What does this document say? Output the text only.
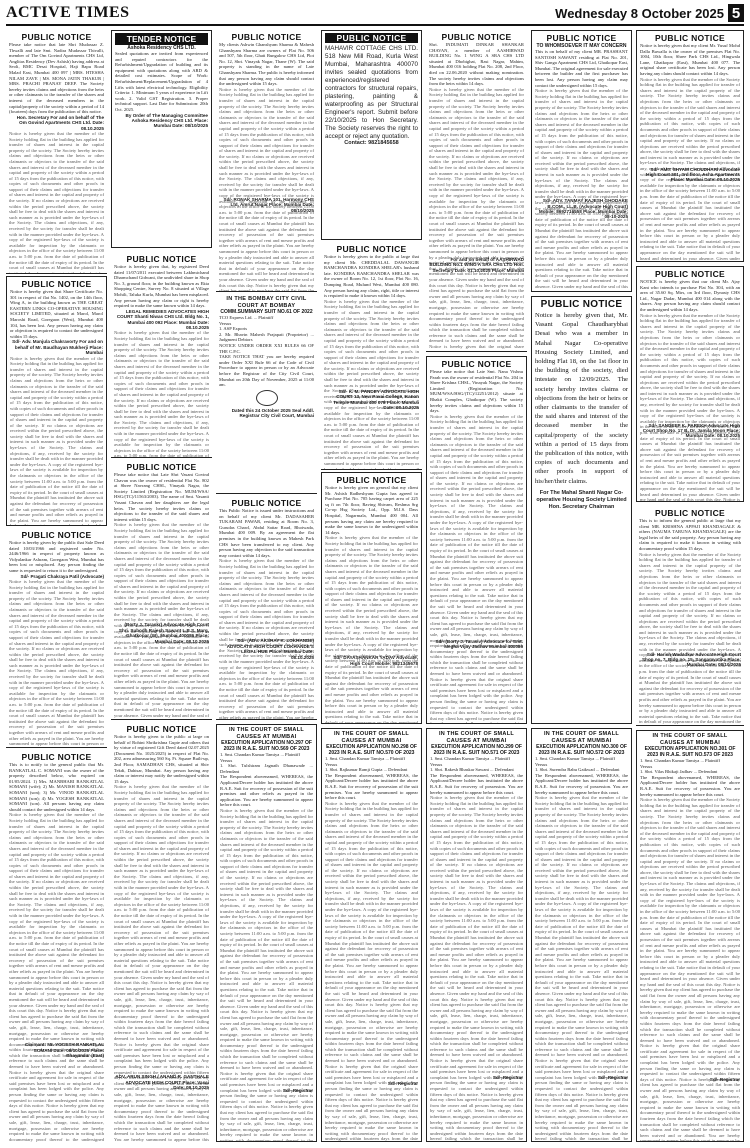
ACTIVE TIMES	Wednesday 8 October 2025 5
PUBLIC NOTICE
Please take notice that late Shri Mudassar Z. Thwalli and late Smt. Nadira Mudassar Thivalli, member of The Om Govind Apartments CHS Ltd, Anglitas Residency (Dev Ashish) having address at Seoli, BMC Desai Hospital, Haji Bapu Road Malad East, Mumbai 400 097 | MRS. HTESHA NILAM ZAVE | MS. MONA JATIN THAKUR | MRS. PRACHI PRANAY DEEP. The Society hereby invites claims and objections from the heirs or other claimants to the transfer of the shares and interest of the deceased members in the capital/property of the society within a period of 14 (fourteen) days from the publication of this notice.
Hon. Secretary For and on behalf of The Om Govind Apartments CHS Ltd. Date: 08.10.2025
Notice is hereby given that the member of the Society holding flat in the building has applied for transfer of shares and interest in the capital property of the society. The Society hereby invites claims and objections from the heirs or other claimants or objectors to the transfer of the said shares and interest of the deceased member in the capital and property of the society within a period of 15 days from the publication of this notice, with copies of such documents and other proofs in support of their claims and objections for transfer of shares and interest in the capital and property of the society. If no claims or objections are received within the period prescribed above, the society shall be free to deal with the shares and interest in such manner as is provided under the bye-laws of the Society. The claims and objections, if any, received by the society for transfer shall be dealt with in the manner provided under the bye-laws. A copy of the registered bye-laws of the society is available for inspection by the claimants or objectors in the office of the society between 11:00 a.m. to 5:00 p.m. from the date of publication of the notice till the date of expiry of its period. In the court of small causes at Mumbai the plaintiff has instituted the above suit against the defendant for recovery of possession of the suit premises together with arrears of rent and mesne profits and other reliefs as prayed in the plaint. You are hereby summoned to appear before this court in person or by a pleader duly instructed and able to answer all material questions relating to the suit. Take notice that in default of your appearance on the day mentioned the suit will be heard and determined in your absence. Given under my hand and the seal of this court this day. Notice is hereby given that my client has agreed to purchase the said flat from the owner and all persons having any claim by way of sale, gift, lease, lien, charge, trust, inheritance, mortgage, possession or otherwise are hereby required to make the same known in writing with documentary proof thereof to the undersigned within fourteen days from the date hereof failing which the transaction shall be completed without reference to such claims and the same shall be deemed to have been waived and or abandoned. Notice is hereby given that the original share certificate and agreement for sale in respect of the said premises have been lost or misplaced and a complaint has been lodged with the police. Any person finding the same or having any claim is requested to contact the undersigned within fifteen days of this notice. Notice is hereby given that my client has agreed to purchase the said flat from the owner and all persons having any claim by way of sale, gift, lease, lien, charge, trust, inheritance, mortgage, possession or otherwise are hereby required to make the same known in writing with documentary proof thereof to the undersigned within fourteen days from the date hereof failing which the transaction shall be completed without reference to such claims and the same shall be deemed to have been waived and or abandoned. You are hereby summoned to appear before this court in person or by a pleader duly instructed and able to answer all material questions relating to the suit. Take notice that in default of your appearance on the day mentioned the suit will be heard and determined in your absence. Given under my hand and the seal of this court this day.
PUBLIC NOTICE
Notice is hereby given that Share Certificate No. 301 in respect of flat No. 1402, on the 14th floor, Wing A, in the building known as THE GREAT EASTERN LINKS CO-OPERATIVE HOUSING SOCIETY LIMITED, situated at Marol, Marol Maroshi Road, Goregaon (West), Mumbai 400 104, has been lost. Any person having any claim or objection is required to contact the undersigned within 15 days.
Sd/- Adv. Manjula Chakravorty For and on behalf of Mr. Baudhayan Mukherji Place: Mumbai
Notice is hereby given that the member of the Society holding flat in the building has applied for transfer of shares and interest in the capital property of the society. The Society hereby invites claims and objections from the heirs or other claimants or objectors to the transfer of the said shares and interest of the deceased member in the capital and property of the society within a period of 15 days from the publication of this notice, with copies of such documents and other proofs in support of their claims and objections for transfer of shares and interest in the capital and property of the society. If no claims or objections are received within the period prescribed above, the society shall be free to deal with the shares and interest in such manner as is provided under the bye-laws of the Society. The claims and objections, if any, received by the society for transfer shall be dealt with in the manner provided under the bye-laws. A copy of the registered bye-laws of the society is available for inspection by the claimants or objectors in the office of the society between 11:00 a.m. to 5:00 p.m. from the date of publication of the notice till the date of expiry of its period. In the court of small causes at Mumbai the plaintiff has instituted the above suit against the defendant for recovery of possession of the suit premises together with arrears of rent and mesne profits and other reliefs as prayed in the plaint. You are hereby summoned to appear before this court in person or by a pleader duly instructed and able to answer all material questions relating to the suit. Take notice that in default of your appearance on the day mentioned the suit will be heard and determined in your absence. Given under my hand and the seal of this court this day. Notice is hereby given that my client has agreed to purchase the said flat from the owner and all persons having any claim by way of sale, gift, lease, lien, charge, trust, inheritance, mortgage, possession or otherwise are hereby required to make the same known in writing with documentary proof thereof to the undersigned within fourteen days from the date hereof failing which the transaction shall be completed without reference to such claims and the same shall be deemed to have been waived and or abandoned. Notice is hereby given that the original share certificate and agreement for sale in respect of the said premises have been lost or misplaced and a complaint has been lodged with the police. Any person finding the same or having any claim is requested to contact the undersigned within fifteen days of this notice. Notice is hereby given that my client has agreed to purchase the said flat from the owner and all persons having any claim by way of sale, gift, lease, lien, charge, trust, inheritance, mortgage, possession or otherwise are hereby required to make the same known in writing with documentary proof thereof to the undersigned within fourteen days from the date hereof failing which the transaction shall be completed without reference to such claims and the same shall be deemed to have been waived and or abandoned. You are hereby summoned to appear before this court in person or by a pleader duly instructed and able to answer all material questions relating to the suit. Take notice that in default of your appearance on the day mentioned the suit will be heard and determined in your absence. Given under my hand and the seal of this court this day.
PUBLIC NOTICE
Notice is hereby given by the public that Sale Deed dated 10/03/1966 and registered under No. 2446/1966 in respect of property known as Vidyalankar Ashram, Goregaon West, Mumbai has been lost or misplaced. Any person finding the same is requested to return it to the undersigned.
Sd/- Pragati Chakraya Patil (Advocate)
Notice is hereby given that the member of the Society holding flat in the building has applied for transfer of shares and interest in the capital property of the society. The Society hereby invites claims and objections from the heirs or other claimants or objectors to the transfer of the said shares and interest of the deceased member in the capital and property of the society within a period of 15 days from the publication of this notice, with copies of such documents and other proofs in support of their claims and objections for transfer of shares and interest in the capital and property of the society. If no claims or objections are received within the period prescribed above, the society shall be free to deal with the shares and interest in such manner as is provided under the bye-laws of the Society. The claims and objections, if any, received by the society for transfer shall be dealt with in the manner provided under the bye-laws. A copy of the registered bye-laws of the society is available for inspection by the claimants or objectors in the office of the society between 11:00 a.m. to 5:00 p.m. from the date of publication of the notice till the date of expiry of its period. In the court of small causes at Mumbai the plaintiff has instituted the above suit against the defendant for recovery of possession of the suit premises together with arrears of rent and mesne profits and other reliefs as prayed in the plaint. You are hereby summoned to appear before this court in person or by a pleader duly instructed and able to answer all material questions relating to the suit. Take notice that in default of your appearance on the day mentioned the suit will be heard and determined in your absence. Given under my hand and the seal of this court this day. Notice is hereby given that my client has agreed to purchase the said flat from the owner and all persons having any claim by way of sale, gift, lease, lien, charge, trust, inheritance, mortgage, possession or otherwise are hereby required to make the same known in writing with documentary proof thereof to the undersigned within fourteen days from the date hereof failing which the transaction shall be completed without reference to such claims and the same shall be deemed to have been waived and or abandoned. Notice is hereby given that the original share certificate and agreement for sale in respect of the said premises have been lost or misplaced and a complaint has been lodged with the police. Any person finding the same or having any claim is requested to contact the undersigned within fifteen days of this notice. Notice is hereby given that my client has agreed to purchase the said flat from the owner and all persons having any claim by way of sale, gift, lease, lien, charge, trust, inheritance, mortgage, possession or otherwise are hereby required to make the same known in writing with documentary proof thereof to the undersigned within fourteen days from the date hereof failing which the transaction shall be completed without reference to such claims and the same shall be deemed to have been waived and or abandoned. You are hereby summoned to appear before this court in person or by a pleader duly instructed and able to answer all material questions relating to the suit. Take notice that in default of your appearance on the day mentioned the suit will be heard and determined in your absence. Given under my hand and the seal of this court this day.
PUBLIC NOTICE
This is to notify to the general public that Mr. BANKATLAL C. SOMANI was the owner of the property described below, who expired on 01/05/2024. 1) Mrs. MANBHARI BANKATLAL SOMANI (wife); 2) Mr. MANISH BANKATLAL SOMANI (son); 3) Mr. VINOD BANKATLAL SOMANI (son); 4) Mr. YOGESH BANKATLAL SOMANI (son). All persons having any claim should contact the undersigned within 14 days.
Notice is hereby given that the member of the Society holding flat in the building has applied for transfer of shares and interest in the capital property of the society. The Society hereby invites claims and objections from the heirs or other claimants or objectors to the transfer of the said shares and interest of the deceased member in the capital and property of the society within a period of 15 days from the publication of this notice, with copies of such documents and other proofs in support of their claims and objections for transfer of shares and interest in the capital and property of the society. If no claims or objections are received within the period prescribed above, the society shall be free to deal with the shares and interest in such manner as is provided under the bye-laws of the Society. The claims and objections, if any, received by the society for transfer shall be dealt with in the manner provided under the bye-laws. A copy of the registered bye-laws of the society is available for inspection by the claimants or objectors in the office of the society between 11:00 a.m. to 5:00 p.m. from the date of publication of the notice till the date of expiry of its period. In the court of small causes at Mumbai the plaintiff has instituted the above suit against the defendant for recovery of possession of the suit premises together with arrears of rent and mesne profits and other reliefs as prayed in the plaint. You are hereby summoned to appear before this court in person or by a pleader duly instructed and able to answer all material questions relating to the suit. Take notice that in default of your appearance on the day mentioned the suit will be heard and determined in your absence. Given under my hand and the seal of this court this day. Notice is hereby given that my client has agreed to purchase the said flat from the owner and all persons having any claim by way of sale, gift, lease, lien, charge, trust, inheritance, mortgage, possession or otherwise are hereby required to make the same known in writing with documentary proof thereof to the undersigned within fourteen days from the date hereof failing which the transaction shall be completed without reference to such claims and the same shall be deemed to have been waived and or abandoned. Notice is hereby given that the original share certificate and agreement for sale in respect of the said premises have been lost or misplaced and a complaint has been lodged with the police. Any person finding the same or having any claim is requested to contact the undersigned within fifteen days of this notice. Notice is hereby given that my client has agreed to purchase the said flat from the owner and all persons having any claim by way of sale, gift, lease, lien, charge, trust, inheritance, mortgage, possession or otherwise are hereby required to make the same known in writing with documentary proof thereof to the undersigned within fourteen days from the date hereof failing which the transaction shall be completed without reference to such claims and the same shall be deemed to have been waived and or abandoned. You are hereby summoned to appear before this court in person or by a pleader duly instructed and able to answer all material questions relating to the suit. Take notice that in default of your appearance on the day mentioned the suit will be heard and determined in your absence. Given under my hand and the seal of this court this day.
Claimant: Mr. YOGESH BANKATLAL SOMANI Date: 08/10/2025 Place: Bhayandar (East)
TENDER NOTICE
Ashoka Residency CHS LTD.
Sealed quotations are invited from experienced and reputed contractors for the Refurbishment/Upgradation of building and its equipment with quotations along with ARD & detailed cost estimates. Scope of Work: Refurbishment/Replacement/Upgradation of 4 Lifts with latest electrical technology. Eligibility Criteria: 1. Minimum 5 years of experience in Lift work. 2. Valid GST Registration. 3. Proper technical support. Last Date for Submission: 20th Oct. 2025.
By Order of The Managing Committee Ashoka Residency CHS Ltd. Place: Mumbai Date: 08/10/2025
PUBLIC NOTICE
Notice is hereby given that, by registered Deed dated 11/07/2011 executed between Lakhmichand Dharmchand Gidwani, the undivided share in Shop No. 3, ground floor, in the building known as Ekta Shopping Centre, Survey No. 8 situated at Village Mohili, Taluka Kurla, Mumbai has been misplaced. Any person having any claim or right is hereby required to make the same known within 14 days.
LEGAL REMEDIES ADVOCATES HIGH COURT Shanti Niwas CHS Ltd. Bldg No. 1, Mumbai 400 092 Place: Mumbai Date: 08.10.2025
Notice is hereby given that the member of the Society holding flat in the building has applied for transfer of shares and interest in the capital property of the society. The Society hereby invites claims and objections from the heirs or other claimants or objectors to the transfer of the said shares and interest of the deceased member in the capital and property of the society within a period of 15 days from the publication of this notice, with copies of such documents and other proofs in support of their claims and objections for transfer of shares and interest in the capital and property of the society. If no claims or objections are received within the period prescribed above, the society shall be free to deal with the shares and interest in such manner as is provided under the bye-laws of the Society. The claims and objections, if any, received by the society for transfer shall be dealt with in the manner provided under the bye-laws. A copy of the registered bye-laws of the society is available for inspection by the claimants or objectors in the office of the society between 11:00 a.m. to 5:00 p.m. from the date of publication of the notice till the date of expiry of its period. In the court of small causes at Mumbai the plaintiff has instituted the above suit against the defendant for recovery of possession of the suit premises together with arrears of rent and mesne profits and other reliefs as prayed in the plaint. You are hereby summoned to appear before this court in person or by a pleader duly instructed and able to answer all material questions relating to the suit. Take notice that in default of your appearance on the day mentioned the suit will be heard and determined in your absence. Given under my hand and the seal of this court this day. Notice is hereby given that my client has agreed to purchase the said flat from the owner and all persons having any claim by way of sale, gift, lease, lien, charge, trust, inheritance, mortgage, possession or otherwise are hereby required to make the same known in writing with documentary proof thereof to the undersigned within fourteen days from the date hereof failing which the transaction shall be completed without reference to such claims and the same shall be deemed to have been waived and or abandoned. Notice is hereby given that the original share certificate and agreement for sale in respect of the said premises have been lost or misplaced and a complaint has been lodged with the police. Any person finding the same or having any claim is requested to contact the undersigned within fifteen days of this notice. Notice is hereby given that my client has agreed to purchase the said flat from the owner and all persons having any claim by way of sale, gift, lease, lien, charge, trust, inheritance, mortgage, possession or otherwise are hereby required to make the same known in writing with documentary proof thereof to the undersigned within fourteen days from the date hereof failing which the transaction shall be completed without reference to such claims and the same shall be deemed to have been waived and or abandoned. You are hereby summoned to appear before this court in person or by a pleader duly instructed and able to answer all material questions relating to the suit. Take notice that in default of your appearance on the day mentioned the suit will be heard and determined in your absence. Given under my hand and the seal of this court this day.
PUBLIC NOTICE
Please take notice that Late Shri Vasant Govind Chavan was the owner of residential Flat No. 802 at Shree Navrang CHSL, Vinayak Nagar, the Society Limited (Registration No. MUM/WSA/ HSG/(TC)/11563/2003). The name of Smt. Vasanti Vasant Chavan and her daughters are the legal heirs. The society hereby invites claims or objections to the transfer of the said shares and interest within 15 days.
Notice is hereby given that the member of the Society holding flat in the building has applied for transfer of shares and interest in the capital property of the society. The Society hereby invites claims and objections from the heirs or other claimants or objectors to the transfer of the said shares and interest of the deceased member in the capital and property of the society within a period of 15 days from the publication of this notice, with copies of such documents and other proofs in support of their claims and objections for transfer of shares and interest in the capital and property of the society. If no claims or objections are received within the period prescribed above, the society shall be free to deal with the shares and interest in such manner as is provided under the bye-laws of the Society. The claims and objections, if any, received by the society for transfer shall be dealt with in the manner provided under the bye-laws. A copy of the registered bye-laws of the society is available for inspection by the claimants or objectors in the office of the society between 11:00 a.m. to 5:00 p.m. from the date of publication of the notice till the date of expiry of its period. In the court of small causes at Mumbai the plaintiff has instituted the above suit against the defendant for recovery of possession of the suit premises together with arrears of rent and mesne profits and other reliefs as prayed in the plaint. You are hereby summoned to appear before this court in person or by a pleader duly instructed and able to answer all material questions relating to the suit. Take notice that in default of your appearance on the day mentioned the suit will be heard and determined in your absence. Given under my hand and the seal of this court this day. Notice is hereby given that my client has agreed to purchase the said flat from the owner and all persons having any claim by way of sale, gift, lease, lien, charge, trust, inheritance, mortgage, possession or otherwise are hereby required to make the same known in writing with documentary proof thereof to the undersigned within fourteen days from the date hereof failing which the transaction shall be completed without reference to such claims and the same shall be deemed to have been waived and or abandoned. Notice is hereby given that the original share certificate and agreement for sale in respect of the said premises have been lost or misplaced and a complaint has been lodged with the police. Any person finding the same or having any claim is requested to contact the undersigned within fifteen days of this notice. Notice is hereby given that my client has agreed to purchase the said flat from the owner and all persons having any claim by way of sale, gift, lease, lien, charge, trust, inheritance, mortgage, possession or otherwise are hereby required to make the same known in writing with documentary proof thereof to the undersigned within fourteen days from the date hereof failing which the transaction shall be completed without reference to such claims and the same shall be deemed to have been waived and or abandoned. You are hereby summoned to appear before this court in person or by a pleader duly instructed and able to answer all material questions relating to the suit. Take notice that in default of your appearance on the day mentioned the suit will be heard and determined in your absence. Given under my hand and the seal of this court this day.
(Borty J. Taraskr) Advocate High Court Shri. Subodh Rajesh Sawant L.B.S. Marg, Ghatkopar (W), Mumbai 400086 Place: Mumbai Date: 08.10.2025
PUBLIC NOTICE
Notice is hereby given to the public at large on behalf of Rohini Shrikrishna Gupte and others that by virtue of registered Gift Deed dated 02.07.2025 (Document No. 1025/2025) in respect of Flat No. 202, area admeasuring 560 Sq. Ft. Square Built-up, 2nd Floor, SAMADHAN CHS, situated at Shiv Tekdi, Dahisar, Mumbai. Any person having any claim or interest may notify the undersigned within 15 days.
Notice is hereby given that the member of the Society holding flat in the building has applied for transfer of shares and interest in the capital property of the society. The Society hereby invites claims and objections from the heirs or other claimants or objectors to the transfer of the said shares and interest of the deceased member in the capital and property of the society within a period of 15 days from the publication of this notice, with copies of such documents and other proofs in support of their claims and objections for transfer of shares and interest in the capital and property of the society. If no claims or objections are received within the period prescribed above, the society shall be free to deal with the shares and interest in such manner as is provided under the bye-laws of the Society. The claims and objections, if any, received by the society for transfer shall be dealt with in the manner provided under the bye-laws. A copy of the registered bye-laws of the society is available for inspection by the claimants or objectors in the office of the society between 11:00 a.m. to 5:00 p.m. from the date of publication of the notice till the date of expiry of its period. In the court of small causes at Mumbai the plaintiff has instituted the above suit against the defendant for recovery of possession of the suit premises together with arrears of rent and mesne profits and other reliefs as prayed in the plaint. You are hereby summoned to appear before this court in person or by a pleader duly instructed and able to answer all material questions relating to the suit. Take notice that in default of your appearance on the day mentioned the suit will be heard and determined in your absence. Given under my hand and the seal of this court this day. Notice is hereby given that my client has agreed to purchase the said flat from the owner and all persons having any claim by way of sale, gift, lease, lien, charge, trust, inheritance, mortgage, possession or otherwise are hereby required to make the same known in writing with documentary proof thereof to the undersigned within fourteen days from the date hereof failing which the transaction shall be completed without reference to such claims and the same shall be deemed to have been waived and or abandoned. Notice is hereby given that the original share certificate and agreement for sale in respect of the said premises have been lost or misplaced and a complaint has been lodged with the police. Any person finding the same or having any claim is requested to contact the undersigned within fifteen days of this notice. Notice is hereby given that my client has agreed to purchase the said flat from the owner and all persons having any claim by way of sale, gift, lease, lien, charge, trust, inheritance, mortgage, possession or otherwise are hereby required to make the same known in writing with documentary proof thereof to the undersigned within fourteen days from the date hereof failing which the transaction shall be completed without reference to such claims and the same shall be deemed to have been waived and or abandoned. You are hereby summoned to appear before this court in person or by a pleader duly instructed and able to answer all material questions relating to the suit. Take notice that in default of your appearance on the day mentioned the suit will be heard and determined in your absence. Given under my hand and the seal of this court this day.
ADV. ARUN SINGH / ANAND R. GANTHALE ADVOCATE HIGH COURT Place: Vasai Date: 08.10.2025
PUBLIC NOTICE
My clients Ashwin Ghanshyam Sharma & Mahesh Ghanshyam Sharma are owners of Flat No. 506 and 507, 5th floor, Ghati Bungalow CHS Ltd, Plot No. 12, Shri. Vinayak Nagar, Thane (W). The said property is standing in the name of Late Ghanshyam Sharma. The public is hereby informed that any person having any claim should contact the undersigned within 15 days.
Notice is hereby given that the member of the Society holding flat in the building has applied for transfer of shares and interest in the capital property of the society. The Society hereby invites claims and objections from the heirs or other claimants or objectors to the transfer of the said shares and interest of the deceased member in the capital and property of the society within a period of 15 days from the publication of this notice, with copies of such documents and other proofs in support of their claims and objections for transfer of shares and interest in the capital and property of the society. If no claims or objections are received within the period prescribed above, the society shall be free to deal with the shares and interest in such manner as is provided under the bye-laws of the Society. The claims and objections, if any, received by the society for transfer shall be dealt with in the manner provided under the bye-laws. A copy of the registered bye-laws of the society is available for inspection by the claimants or objectors in the office of the society between 11:00 a.m. to 5:00 p.m. from the date of publication of the notice till the date of expiry of its period. In the court of small causes at Mumbai the plaintiff has instituted the above suit against the defendant for recovery of possession of the suit premises together with arrears of rent and mesne profits and other reliefs as prayed in the plaint. You are hereby summoned to appear before this court in person or by a pleader duly instructed and able to answer all material questions relating to the suit. Take notice that in default of your appearance on the day mentioned the suit will be heard and determined in your absence. Given under my hand and the seal of this court this day. Notice is hereby given that my client has agreed to purchase the said flat from the owner and all persons having any claim by way of sale, gift, lease, lien, charge, trust, inheritance, mortgage, possession or otherwise are hereby required to make the same known in writing with documentary proof thereof to the undersigned within fourteen days from the date hereof failing which the transaction shall be completed without reference to such claims and the same shall be deemed to have been waived and or abandoned. Notice is hereby given that the original share certificate and agreement for sale in respect of the said premises have been lost or misplaced and a complaint has been lodged with the police. Any person finding the same or having any claim is requested to contact the undersigned within fifteen days of this notice. Notice is hereby given that my client has agreed to purchase the said flat from the owner and all persons having any claim by way of sale, gift, lease, lien, charge, trust, inheritance, mortgage, possession or otherwise are hereby required to make the same known in writing with documentary proof thereof to the undersigned within fourteen days from the date hereof failing which the transaction shall be completed without reference to such claims and the same shall be deemed to have been waived and or abandoned. You are hereby summoned to appear before this court in person or by a pleader duly instructed and able to answer all material questions relating to the suit. Take notice that in default of your appearance on the day mentioned the suit will be heard and determined in your absence. Given under my hand and the seal of this court this day.
Sd/- RONAK SHARMA 101, Harmony CHS Ltd, Amrut Nagar Place: Mumbai Date: 08/10/2025
IN THE BOMBAY CITY CIVIL COURT AT BOMBAY
COMM.SUMMARY SUIT NO.61 OF 2022
TCO Express Ltd. ... Plaintiff
Versus
1. ASP Exports
2. Mr. Bhavin Mahesh Prajapati (Proprietor) ... Judgment Debtors
NOTICE UNDER ORDER XXI RULES 66 OF THE C.P.C.
TAKE NOTICE THAT you are hereby required under Order XXI Rule 66 of the Code of Civil Procedure to appear in person or by an Advocate before the Registrar of the City Civil Court, Mumbai on 20th Day of November, 2025 at 11:00 am.
Dated this 24 October 2025 Seal Addl. Registrar City Civil Court, Mumbai
PUBLIC NOTICE
This Public Notice is issued under instructions and on behalf of my client Mr. DADASAHEB TUKARAM PAWAR, residing at Room No. 3, Gurudas Chawl, Abdul Sattar Road, Bhoiwada, Mumbai 400 009. By an agreement the flat premises in the building known as Mahesh Park CHS have been transferred to my client. Any person having any objection to the said transaction may contact within 14 days.
Notice is hereby given that the member of the Society holding flat in the building has applied for transfer of shares and interest in the capital property of the society. The Society hereby invites claims and objections from the heirs or other claimants or objectors to the transfer of the said shares and interest of the deceased member in the capital and property of the society within a period of 15 days from the publication of this notice, with copies of such documents and other proofs in support of their claims and objections for transfer of shares and interest in the capital and property of the society. If no claims or objections are received within the period prescribed above, the society shall be free to deal with the shares and interest in such manner as is provided under the bye-laws of the Society. The claims and objections, if any, received by the society for transfer shall be dealt with in the manner provided under the bye-laws. A copy of the registered bye-laws of the society is available for inspection by the claimants or objectors in the office of the society between 11:00 a.m. to 5:00 p.m. from the date of publication of the notice till the date of expiry of its period. In the court of small causes at Mumbai the plaintiff has instituted the above suit against the defendant for recovery of possession of the suit premises together with arrears of rent and mesne profits and other reliefs as prayed in the plaint. You are hereby summoned to appear before this court in person or by a pleader duly instructed and able to answer all material questions relating to the suit. Take notice that in default of your appearance on the day mentioned the suit will be heard and determined in your absence. Given under my hand and the seal of this court this day. Notice is hereby given that my client has agreed to purchase the said flat from the owner and all persons having any claim by way of sale, gift, lease, lien, charge, trust, inheritance, mortgage, possession or otherwise are hereby required to make the same known in writing with documentary proof thereof to the undersigned within fourteen days from the date hereof failing which the transaction shall be completed without reference to such claims and the same shall be deemed to have been waived and or abandoned. Notice is hereby given that the original share certificate and agreement for sale in respect of the said premises have been lost or misplaced and a complaint has been lodged with the police. Any person finding the same or having any claim is requested to contact the undersigned within fifteen days of this notice. Notice is hereby given that my client has agreed to purchase the said flat from the owner and all persons having any claim by way of sale, gift, lease, lien, charge, trust, inheritance, mortgage, possession or otherwise are hereby required to make the same known in writing with documentary proof thereof to the undersigned within fourteen days from the date hereof failing which the transaction shall be completed without reference to such claims and the same shall be deemed to have been waived and or abandoned. You are hereby summoned to appear before this court in person or by a pleader duly instructed and able to answer all material questions relating to the suit. Take notice that in default of your appearance on the day mentioned the suit will be heard and determined in your absence. Given under my hand and the seal of this court this day.
Sd/- (ADV. AKSHAY K. LOKHANDE) ADVOCATE HIGH COURT LOKHANDE'S LEGAL HUB Place: Mumbai Date: 08.10.2025
IN THE COURT OF SMALL CAUSES AT MUMBAI
EXECUTION APPLICATION NO.297 OF 2023 IN R.A.E. SUIT NO.569 OF 2023
1. Smt. Chandan Kumar Tamiya ... Plaintiff
Versus
1. Shri. Tulshiram Jagnath Dhanawade ... Defendant
The Respondent abovenamed, WHEREAS, the Applicant/Decree holder has instituted the above R.A.E. Suit for recovery of possession of the suit premises and other reliefs as prayed in the application. You are hereby summoned to appear before this court.
Notice is hereby given that the member of the Society holding flat in the building has applied for transfer of shares and interest in the capital property of the society. The Society hereby invites claims and objections from the heirs or other claimants or objectors to the transfer of the said shares and interest of the deceased member in the capital and property of the society within a period of 15 days from the publication of this notice, with copies of such documents and other proofs in support of their claims and objections for transfer of shares and interest in the capital and property of the society. If no claims or objections are received within the period prescribed above, the society shall be free to deal with the shares and interest in such manner as is provided under the bye-laws of the Society. The claims and objections, if any, received by the society for transfer shall be dealt with in the manner provided under the bye-laws. A copy of the registered bye-laws of the society is available for inspection by the claimants or objectors in the office of the society between 11:00 a.m. to 5:00 p.m. from the date of publication of the notice till the date of expiry of its period. In the court of small causes at Mumbai the plaintiff has instituted the above suit against the defendant for recovery of possession of the suit premises together with arrears of rent and mesne profits and other reliefs as prayed in the plaint. You are hereby summoned to appear before this court in person or by a pleader duly instructed and able to answer all material questions relating to the suit. Take notice that in default of your appearance on the day mentioned the suit will be heard and determined in your absence. Given under my hand and the seal of this court this day. Notice is hereby given that my client has agreed to purchase the said flat from the owner and all persons having any claim by way of sale, gift, lease, lien, charge, trust, inheritance, mortgage, possession or otherwise are hereby required to make the same known in writing with documentary proof thereof to the undersigned within fourteen days from the date hereof failing which the transaction shall be completed without reference to such claims and the same shall be deemed to have been waived and or abandoned. Notice is hereby given that the original share certificate and agreement for sale in respect of the said premises have been lost or misplaced and a complaint has been lodged with the police. Any person finding the same or having any claim is requested to contact the undersigned within fifteen days of this notice. Notice is hereby given that my client has agreed to purchase the said flat from the owner and all persons having any claim by way of sale, gift, lease, lien, charge, trust, inheritance, mortgage, possession or otherwise are hereby required to make the same known in writing with documentary proof thereof to the undersigned within fourteen days from the date hereof failing which the transaction shall be completed without reference to such claims and the same shall be deemed to have been waived and or abandoned. You are hereby summoned to appear before this court in person or by a pleader duly instructed and able to answer all material questions relating to the suit. Take notice that in default of your appearance on the day mentioned the suit will be heard and determined in your absence. Given under my hand and the seal of this court this day.
Sd/- Registrar
PUBLIC NOTICE
MAHAVIR COTTAGE CHS LTD. 518 New Mill Road, Kurla West Mumbai, Maharashtra 400070 invites sealed quotations from experienced/registered contractors for structural repairs, plastering, painting & waterproofing as per Structural Engineer's report. Submit before 22/10/2025 to Hon Secretary. The Society reserves the right to accept or reject any quotation.
Contact: 9821845658
PUBLIC NOTICE
Notice is hereby given to the public at large that my client Mr. CHEDDALAL DAWANGIR RAMCHANDRA KONDIBA SHELAR's husband late. KONDIBA RAMCHANDRA SHELAR was the owner of Room No. 12, 1st floor, Plot No. 16, Dumping Road, Mulund West, Mumbai 400 080. Any person having any claim, right, title or interest is required to make it known within 14 days.
Notice is hereby given that the member of the Society holding flat in the building has applied for transfer of shares and interest in the capital property of the society. The Society hereby invites claims and objections from the heirs or other claimants or objectors to the transfer of the said shares and interest of the deceased member in the capital and property of the society within a period of 15 days from the publication of this notice, with copies of such documents and other proofs in support of their claims and objections for transfer of shares and interest in the capital and property of the society. If no claims or objections are received within the period prescribed above, the society shall be free to deal with the shares and interest in such manner as is provided under the bye-laws of the Society. The claims and objections, if any, received by the society for transfer shall be dealt with in the manner provided under the bye-laws. A copy of the registered bye-laws of the society is available for inspection by the claimants or objectors in the office of the society between 11:00 a.m. to 5:00 p.m. from the date of publication of the notice till the date of expiry of its period. In the court of small causes at Mumbai the plaintiff has instituted the above suit against the defendant for recovery of possession of the suit premises together with arrears of rent and mesne profits and other reliefs as prayed in the plaint. You are hereby summoned to appear before this court in person or by a pleader duly instructed and able to answer all material questions relating to the suit. Take notice that in default of your appearance on the day mentioned the suit will be heard and determined in your absence. Given under my hand and the seal of this court this day. Notice is hereby given that my client has agreed to purchase the said flat from the owner and all persons having any claim by way of sale, gift, lease, lien, charge, trust, inheritance, mortgage, possession or otherwise are hereby required to make the same known in writing with documentary proof thereof to the undersigned within fourteen days from the date hereof failing which the transaction shall be completed without reference to such claims and the same shall be deemed to have been waived and or abandoned. Notice is hereby given that the original share certificate and agreement for sale in respect of the said premises have been lost or misplaced and a complaint has been lodged with the police. Any person finding the same or having any claim is requested to contact the undersigned within fifteen days of this notice. Notice is hereby given that my client has agreed to purchase the said flat from the owner and all persons having any claim by way of sale, gift, lease, lien, charge, trust, inheritance, mortgage, possession or otherwise are hereby required to make the same known in writing with documentary proof thereof to the undersigned within fourteen days from the date hereof failing which the transaction shall be completed without reference to such claims and the same shall be deemed to have been waived and or abandoned. You are hereby summoned to appear before this court in person or by a pleader duly instructed and able to answer all material questions relating to the suit. Take notice that in default of your appearance on the day mentioned the suit will be heard and determined in your absence. Given under my hand and the seal of this court this day.
Sd/- K. M. PANDEY ADVOCATE HIGH COURT 13, New Pavai College, Kanon Temple Mumbai 400 078 Place: Mumbai Date: 08.10.2025
PUBLIC NOTICE
Notice is hereby given on general that my client Mr. Ashish Radheshyam Gupta has agreed to Purchase Flat No. 705 having carpet area of 225 sq ft on 7th floor, Raving Shivam, Reshma Srg Co-op Hsg Society Ltd., Opp. M.I.S. Dass Hospital, Nagarmala, Mumbai 400 004. All persons having any claim are hereby required to make the same known to the undersigned within 14 days.
Notice is hereby given that the member of the Society holding flat in the building has applied for transfer of shares and interest in the capital property of the society. The Society hereby invites claims and objections from the heirs or other claimants or objectors to the transfer of the said shares and interest of the deceased member in the capital and property of the society within a period of 15 days from the publication of this notice, with copies of such documents and other proofs in support of their claims and objections for transfer of shares and interest in the capital and property of the society. If no claims or objections are received within the period prescribed above, the society shall be free to deal with the shares and interest in such manner as is provided under the bye-laws of the Society. The claims and objections, if any, received by the society for transfer shall be dealt with in the manner provided under the bye-laws. A copy of the registered bye-laws of the society is available for inspection by the claimants or objectors in the office of the society between 11:00 a.m. to 5:00 p.m. from the date of publication of the notice till the date of expiry of its period. In the court of small causes at Mumbai the plaintiff has instituted the above suit against the defendant for recovery of possession of the suit premises together with arrears of rent and mesne profits and other reliefs as prayed in the plaint. You are hereby summoned to appear before this court in person or by a pleader duly instructed and able to answer all material questions relating to the suit. Take notice that in default of your appearance on the day mentioned the suit will be heard and determined in your absence. Given under my hand and the seal of this court this day. Notice is hereby given that my client has agreed to purchase the said flat from the owner and all persons having any claim by way of sale, gift, lease, lien, charge, trust, inheritance, mortgage, possession or otherwise are hereby required to make the same known in writing with documentary proof thereof to the undersigned within fourteen days from the date hereof failing which the transaction shall be completed without reference to such claims and the same shall be deemed to have been waived and or abandoned. Notice is hereby given that the original share certificate and agreement for sale in respect of the said premises have been lost or misplaced and a complaint has been lodged with the police. Any person finding the same or having any claim is requested to contact the undersigned within fifteen days of this notice. Notice is hereby given that my client has agreed to purchase the said flat from the owner and all persons having any claim by way of sale, gift, lease, lien, charge, trust, inheritance, mortgage, possession or otherwise are hereby required to make the same known in writing with documentary proof thereof to the undersigned within fourteen days from the date hereof failing which the transaction shall be completed without reference to such claims and the same shall be deemed to have been waived and or abandoned. You are hereby summoned to appear before this court in person or by a pleader duly instructed and able to answer all material questions relating to the suit. Take notice that in default of your appearance on the day mentioned the suit will be heard and determined in your absence. Given under my hand and the seal of this court this day.
Sd/- DAYASHANKAR YADAV Advocate, High Court Mobile: 9821345678
IN THE COURT OF SMALL CAUSES AT MUMBAI
EXECUTION APPLICATION NO.298 OF 2023 IN R.A.E. SUIT NO.570 OF 2023
1. Smt. Chandan Kumar Tamiya ... Plaintiff
Versus
1. Shri. Rajkumar Ramji Gupta ... Defendant
The Respondent abovenamed, WHEREAS, the Applicant/Decree holder has instituted the above R.A.E. Suit for recovery of possession of the suit premises. You are hereby summoned to appear before this court.
Notice is hereby given that the member of the Society holding flat in the building has applied for transfer of shares and interest in the capital property of the society. The Society hereby invites claims and objections from the heirs or other claimants or objectors to the transfer of the said shares and interest of the deceased member in the capital and property of the society within a period of 15 days from the publication of this notice, with copies of such documents and other proofs in support of their claims and objections for transfer of shares and interest in the capital and property of the society. If no claims or objections are received within the period prescribed above, the society shall be free to deal with the shares and interest in such manner as is provided under the bye-laws of the Society. The claims and objections, if any, received by the society for transfer shall be dealt with in the manner provided under the bye-laws. A copy of the registered bye-laws of the society is available for inspection by the claimants or objectors in the office of the society between 11:00 a.m. to 5:00 p.m. from the date of publication of the notice till the date of expiry of its period. In the court of small causes at Mumbai the plaintiff has instituted the above suit against the defendant for recovery of possession of the suit premises together with arrears of rent and mesne profits and other reliefs as prayed in the plaint. You are hereby summoned to appear before this court in person or by a pleader duly instructed and able to answer all material questions relating to the suit. Take notice that in default of your appearance on the day mentioned the suit will be heard and determined in your absence. Given under my hand and the seal of this court this day. Notice is hereby given that my client has agreed to purchase the said flat from the owner and all persons having any claim by way of sale, gift, lease, lien, charge, trust, inheritance, mortgage, possession or otherwise are hereby required to make the same known in writing with documentary proof thereof to the undersigned within fourteen days from the date hereof failing which the transaction shall be completed without reference to such claims and the same shall be deemed to have been waived and or abandoned. Notice is hereby given that the original share certificate and agreement for sale in respect of the said premises have been lost or misplaced and a complaint has been lodged with the police. Any person finding the same or having any claim is requested to contact the undersigned within fifteen days of this notice. Notice is hereby given that my client has agreed to purchase the said flat from the owner and all persons having any claim by way of sale, gift, lease, lien, charge, trust, inheritance, mortgage, possession or otherwise are hereby required to make the same known in writing with documentary proof thereof to the undersigned within fourteen days from the date hereof failing which the transaction shall be completed without reference to such claims and the same shall be deemed to have been waived and or abandoned. You are hereby summoned to appear before this court in person or by a pleader duly instructed and able to answer all material questions relating to the suit. Take notice that in default of your appearance on the day mentioned the suit will be heard and determined in your absence. Given under my hand and the seal of this court this day.
Sd/- Registrar
PUBLIC NOTICE
Shri. INDUMATI DINKAR SHANKAR CHAVAN, a member of AASHIRWAD BUILDING No. 1 WING A SRA CHS LTD situated at Dhobighat, Rasi Nagar, Mahim, Mumbai 400 016 holding Flat No. 208, 2nd Floor, died on 22.06.2020 without making nomination. The society hereby invites claims and objections from the heirs within 14 days.
Notice is hereby given that the member of the Society holding flat in the building has applied for transfer of shares and interest in the capital property of the society. The Society hereby invites claims and objections from the heirs or other claimants or objectors to the transfer of the said shares and interest of the deceased member in the capital and property of the society within a period of 15 days from the publication of this notice, with copies of such documents and other proofs in support of their claims and objections for transfer of shares and interest in the capital and property of the society. If no claims or objections are received within the period prescribed above, the society shall be free to deal with the shares and interest in such manner as is provided under the bye-laws of the Society. The claims and objections, if any, received by the society for transfer shall be dealt with in the manner provided under the bye-laws. A copy of the registered bye-laws of the society is available for inspection by the claimants or objectors in the office of the society between 11:00 a.m. to 5:00 p.m. from the date of publication of the notice till the date of expiry of its period. In the court of small causes at Mumbai the plaintiff has instituted the above suit against the defendant for recovery of possession of the suit premises together with arrears of rent and mesne profits and other reliefs as prayed in the plaint. You are hereby summoned to appear before this court in person or by a pleader duly instructed and able to answer all material questions relating to the suit. Take notice that in default of your appearance on the day mentioned the suit will be heard and determined in your absence. Given under my hand and the seal of this court this day. Notice is hereby given that my client has agreed to purchase the said flat from the owner and all persons having any claim by way of sale, gift, lease, lien, charge, trust, inheritance, mortgage, possession or otherwise are hereby required to make the same known in writing with documentary proof thereof to the undersigned within fourteen days from the date hereof failing which the transaction shall be completed without reference to such claims and the same shall be deemed to have been waived and or abandoned. Notice is hereby given that the original share certificate and agreement for sale in respect of the said premises have been lost or misplaced and a complaint has been lodged with the police. Any person finding the same or having any claim is requested to contact the undersigned within fifteen days of this notice. Notice is hereby given that my client has agreed to purchase the said flat from the owner and all persons having any claim by way of sale, gift, lease, lien, charge, trust, inheritance, mortgage, possession or otherwise are hereby required to make the same known in writing with documentary proof thereof to the undersigned within fourteen days from the date hereof failing which the transaction shall be completed without reference to such claims and the same shall be deemed to have been waived and or abandoned. You are hereby summoned to appear before this court in person or by a pleader duly instructed and able to answer all material questions relating to the suit. Take notice that in default of your appearance on the day mentioned the suit will be heard and determined in your absence. Given under my hand and the seal of this court this day.
For and on behalf of AASHIRWAD BUILDING No.1 WING A SRA CHS LTD Hon. Secretary Date: 01.10.2025 Place: Mumbai
PUBLIC NOTICE
Please take notice that Late Smt. Nana Vishnu Parab was the owner of residential Flat No. 204 in Shree Krishna CHSL, Vinayak Nagar, the Society Limited (Registration No. MUM/WSA/HSG/(TC)/12251/2012) situate at Bhakti Complex, Ghatkopar (W). The society hereby invites claims and objections within 15 days.
Notice is hereby given that the member of the Society holding flat in the building has applied for transfer of shares and interest in the capital property of the society. The Society hereby invites claims and objections from the heirs or other claimants or objectors to the transfer of the said shares and interest of the deceased member in the capital and property of the society within a period of 15 days from the publication of this notice, with copies of such documents and other proofs in support of their claims and objections for transfer of shares and interest in the capital and property of the society. If no claims or objections are received within the period prescribed above, the society shall be free to deal with the shares and interest in such manner as is provided under the bye-laws of the Society. The claims and objections, if any, received by the society for transfer shall be dealt with in the manner provided under the bye-laws. A copy of the registered bye-laws of the society is available for inspection by the claimants or objectors in the office of the society between 11:00 a.m. to 5:00 p.m. from the date of publication of the notice till the date of expiry of its period. In the court of small causes at Mumbai the plaintiff has instituted the above suit against the defendant for recovery of possession of the suit premises together with arrears of rent and mesne profits and other reliefs as prayed in the plaint. You are hereby summoned to appear before this court in person or by a pleader duly instructed and able to answer all material questions relating to the suit. Take notice that in default of your appearance on the day mentioned the suit will be heard and determined in your absence. Given under my hand and the seal of this court this day. Notice is hereby given that my client has agreed to purchase the said flat from the owner and all persons having any claim by way of sale, gift, lease, lien, charge, trust, inheritance, mortgage, possession or otherwise are hereby required to make the same known in writing with documentary proof thereof to the undersigned within fourteen days from the date hereof failing which the transaction shall be completed without reference to such claims and the same shall be deemed to have been waived and or abandoned. Notice is hereby given that the original share certificate and agreement for sale in respect of the said premises have been lost or misplaced and a complaint has been lodged with the police. Any person finding the same or having any claim is requested to contact the undersigned within fifteen days of this notice. Notice is hereby given that my client has agreed to purchase the said flat from the owner and all persons having any claim by way of sale, gift, lease, lien, charge, trust, inheritance, mortgage, possession or otherwise are hereby required to make the same known in writing with documentary proof thereof to the undersigned within fourteen days from the date hereof failing which the transaction shall be completed without reference to such claims and the same shall be deemed to have been waived and or abandoned. You are hereby summoned to appear before this court in person or by a pleader duly instructed and able to answer all material questions relating to the suit. Take notice that in default of your appearance on the day mentioned the suit will be heard and determined in your absence. Given under my hand and the seal of this court this day.
Sd/- (Borty J. Tarasiv) Advocate for Smt. Megha Vijay Jadhav Mumbai 400086
IN THE COURT OF SMALL CAUSES AT MUMBAI
EXECUTION APPLICATION NO.299 OF 2023 IN R.A.E. SUIT NO.571 OF 2023
1. Smt. Chandan Kumar Tamiya ... Plaintiff
Versus
1. Shri. Rakesh Bhaskar Sawant ... Defendant
The Respondent abovenamed, WHEREAS, the Applicant/Decree holder has instituted the above R.A.E. Suit for recovery of possession. You are hereby summoned to appear before this court.
Notice is hereby given that the member of the Society holding flat in the building has applied for transfer of shares and interest in the capital property of the society. The Society hereby invites claims and objections from the heirs or other claimants or objectors to the transfer of the said shares and interest of the deceased member in the capital and property of the society within a period of 15 days from the publication of this notice, with copies of such documents and other proofs in support of their claims and objections for transfer of shares and interest in the capital and property of the society. If no claims or objections are received within the period prescribed above, the society shall be free to deal with the shares and interest in such manner as is provided under the bye-laws of the Society. The claims and objections, if any, received by the society for transfer shall be dealt with in the manner provided under the bye-laws. A copy of the registered bye-laws of the society is available for inspection by the claimants or objectors in the office of the society between 11:00 a.m. to 5:00 p.m. from the date of publication of the notice till the date of expiry of its period. In the court of small causes at Mumbai the plaintiff has instituted the above suit against the defendant for recovery of possession of the suit premises together with arrears of rent and mesne profits and other reliefs as prayed in the plaint. You are hereby summoned to appear before this court in person or by a pleader duly instructed and able to answer all material questions relating to the suit. Take notice that in default of your appearance on the day mentioned the suit will be heard and determined in your absence. Given under my hand and the seal of this court this day. Notice is hereby given that my client has agreed to purchase the said flat from the owner and all persons having any claim by way of sale, gift, lease, lien, charge, trust, inheritance, mortgage, possession or otherwise are hereby required to make the same known in writing with documentary proof thereof to the undersigned within fourteen days from the date hereof failing which the transaction shall be completed without reference to such claims and the same shall be deemed to have been waived and or abandoned. Notice is hereby given that the original share certificate and agreement for sale in respect of the said premises have been lost or misplaced and a complaint has been lodged with the police. Any person finding the same or having any claim is requested to contact the undersigned within fifteen days of this notice. Notice is hereby given that my client has agreed to purchase the said flat from the owner and all persons having any claim by way of sale, gift, lease, lien, charge, trust, inheritance, mortgage, possession or otherwise are hereby required to make the same known in writing with documentary proof thereof to the undersigned within fourteen days from the date hereof failing which the transaction shall be completed without reference to such claims and the same shall be deemed to have been waived and or abandoned. You are hereby summoned to appear before this court in person or by a pleader duly instructed and able to answer all material questions relating to the suit. Take notice that in default of your appearance on the day mentioned the suit will be heard and determined in your absence. Given under my hand and the seal of this court this day.
Sd/- Registrar
PUBLIC NOTICE
TO WHOMSOEVER IT MAY CONCERN
This is on behalf of my client MR. PRASHANT SANTOSH SAWANT residing at Flat No. 201, Shiv Ganga Apartment CHS Ltd, Ghatkopar East, Mumbai. The original agreement for sale executed between the builder and the first purchaser has been lost. Any person having any claim may contact the undersigned within 15 days.
Notice is hereby given that the member of the Society holding flat in the building has applied for transfer of shares and interest in the capital property of the society. The Society hereby invites claims and objections from the heirs or other claimants or objectors to the transfer of the said shares and interest of the deceased member in the capital and property of the society within a period of 15 days from the publication of this notice, with copies of such documents and other proofs in support of their claims and objections for transfer of shares and interest in the capital and property of the society. If no claims or objections are received within the period prescribed above, the society shall be free to deal with the shares and interest in such manner as is provided under the bye-laws of the Society. The claims and objections, if any, received by the society for transfer shall be dealt with in the manner provided under the bye-laws. A copy of the registered bye-laws of the society is available for inspection by the claimants or objectors in the office of the society between 11:00 a.m. to 5:00 p.m. from the date of publication of the notice till the date of expiry of its period. In the court of small causes at Mumbai the plaintiff has instituted the above suit against the defendant for recovery of possession of the suit premises together with arrears of rent and mesne profits and other reliefs as prayed in the plaint. You are hereby summoned to appear before this court in person or by a pleader duly instructed and able to answer all material questions relating to the suit. Take notice that in default of your appearance on the day mentioned the suit will be heard and determined in your absence. Given under my hand and the seal of this court this day. Notice is hereby given that my client has agreed to purchase the said flat from the owner and all persons having any claim by way of sale, gift, lease, lien, charge, trust, inheritance, mortgage, possession or otherwise are hereby required to make the same known in writing with documentary proof thereof to the undersigned within fourteen days from the date hereof failing which the transaction shall be completed without reference to such claims and the same shall be deemed to have been waived and or abandoned. Notice is hereby given that the original share certificate and agreement for sale in respect of the said premises have been lost or misplaced and a complaint has been lodged with the police. Any person finding the same or having any claim is requested to contact the undersigned within fifteen days of this notice. Notice is hereby given that my client has agreed to purchase the said flat from the owner and all persons having any claim by way of sale, gift, lease, lien, charge, trust, inheritance, mortgage, possession or otherwise are hereby required to make the same known in writing with documentary proof thereof to the undersigned within fourteen days from the date hereof failing which the transaction shall be completed without reference to such claims and the same shall be deemed to have been waived and or abandoned. You are hereby summoned to appear before this court in person or by a pleader duly instructed and able to answer all material questions relating to the suit. Take notice that in default of your appearance on the day mentioned the suit will be heard and determined in your absence. Given under my hand and the seal of this court this day.
Sd/- ADV. TANMAY RAJESH GHODAKE B.COM., LL.B. (Advocate High Court) Mobile: 8692716558 Place: Mumbai Date: 08-10-2025
PUBLIC NOTICE
Notice is hereby given that, Mr. Vasant Gopal Chaudharybhai Desai who was a member in Mahal Nagar Co-operative Housing Society Limited, and holding Flat 18, on the 1st floor in the building of the society, died intestate on 12/09/2025. The society hereby invites claims or objections from the heir or heirs or other claimants to the transfer of the said shares and interest of the deceased member in the capital/property of the society within a period of 15 days from the publication of this notice, with copies of such documents and other proofs in support of his/her/their claims.
For The Mahal Shanti Nagar Co-operative Housing Society Limited Hon. Secretary Chairman
IN THE COURT OF SMALL CAUSES AT MUMBAI
EXECUTION APPLICATION NO.300 OF 2023 IN R.A.E. SUIT NO.572 OF 2023
1. Smt. Chandan Kumar Tamiya ... Plaintiff
Versus
1. Shri. Surendra Babu Gaikwad ... Defendant
The Respondent abovenamed, WHEREAS, the Applicant/Decree holder has instituted the above R.A.E. Suit for recovery of possession. You are hereby summoned to appear before this court.
Notice is hereby given that the member of the Society holding flat in the building has applied for transfer of shares and interest in the capital property of the society. The Society hereby invites claims and objections from the heirs or other claimants or objectors to the transfer of the said shares and interest of the deceased member in the capital and property of the society within a period of 15 days from the publication of this notice, with copies of such documents and other proofs in support of their claims and objections for transfer of shares and interest in the capital and property of the society. If no claims or objections are received within the period prescribed above, the society shall be free to deal with the shares and interest in such manner as is provided under the bye-laws of the Society. The claims and objections, if any, received by the society for transfer shall be dealt with in the manner provided under the bye-laws. A copy of the registered bye-laws of the society is available for inspection by the claimants or objectors in the office of the society between 11:00 a.m. to 5:00 p.m. from the date of publication of the notice till the date of expiry of its period. In the court of small causes at Mumbai the plaintiff has instituted the above suit against the defendant for recovery of possession of the suit premises together with arrears of rent and mesne profits and other reliefs as prayed in the plaint. You are hereby summoned to appear before this court in person or by a pleader duly instructed and able to answer all material questions relating to the suit. Take notice that in default of your appearance on the day mentioned the suit will be heard and determined in your absence. Given under my hand and the seal of this court this day. Notice is hereby given that my client has agreed to purchase the said flat from the owner and all persons having any claim by way of sale, gift, lease, lien, charge, trust, inheritance, mortgage, possession or otherwise are hereby required to make the same known in writing with documentary proof thereof to the undersigned within fourteen days from the date hereof failing which the transaction shall be completed without reference to such claims and the same shall be deemed to have been waived and or abandoned. Notice is hereby given that the original share certificate and agreement for sale in respect of the said premises have been lost or misplaced and a complaint has been lodged with the police. Any person finding the same or having any claim is requested to contact the undersigned within fifteen days of this notice. Notice is hereby given that my client has agreed to purchase the said flat from the owner and all persons having any claim by way of sale, gift, lease, lien, charge, trust, inheritance, mortgage, possession or otherwise are hereby required to make the same known in writing with documentary proof thereof to the undersigned within fourteen days from the date hereof failing which the transaction shall be completed without reference to such claims and the same shall be deemed to have been waived and or abandoned. You are hereby summoned to appear before this court in person or by a pleader duly instructed and able to answer all material questions relating to the suit. Take notice that in default of your appearance on the day mentioned the suit will be heard and determined in your absence. Given under my hand and the seal of this court this day.
Sd/- Registrar
PUBLIC NOTICE
Notice is hereby given that my client Mr. Yusuf Mohd Dalla Buwalla is the owner of the premises Flat No. 1004, 10th floor, Shree Park CHS Ltd., Hingwala Lane, Ghatkopar (East), Mumbai 400 077. The original share certificate has been lost. Any person having any claim should contact within 14 days.
Notice is hereby given that the member of the Society holding flat in the building has applied for transfer of shares and interest in the capital property of the society. The Society hereby invites claims and objections from the heirs or other claimants or objectors to the transfer of the said shares and interest of the deceased member in the capital and property of the society within a period of 15 days from the publication of this notice, with copies of such documents and other proofs in support of their claims and objections for transfer of shares and interest in the capital and property of the society. If no claims or objections are received within the period prescribed above, the society shall be free to deal with the shares and interest in such manner as is provided under the bye-laws of the Society. The claims and objections, if any, received by the society for transfer shall be dealt with in the manner provided under the bye-laws. A copy of the registered bye-laws of the society is available for inspection by the claimants or objectors in the office of the society between 11:00 a.m. to 5:00 p.m. from the date of publication of the notice till the date of expiry of its period. In the court of small causes at Mumbai the plaintiff has instituted the above suit against the defendant for recovery of possession of the suit premises together with arrears of rent and mesne profits and other reliefs as prayed in the plaint. You are hereby summoned to appear before this court in person or by a pleader duly instructed and able to answer all material questions relating to the suit. Take notice that in default of your appearance on the day mentioned the suit will be heard and determined in your absence. Given under my hand and the seal of this court this day. Notice is hereby given that my client has agreed to purchase the said flat from the owner and all persons having any claim by way of sale, gift, lease, lien, charge, trust, inheritance, mortgage, possession or otherwise are hereby required to make the same known in writing with documentary proof thereof to the undersigned within fourteen days from the date hereof failing which the transaction shall be completed without reference to such claims and the same shall be deemed to have been waived and or abandoned. Notice is hereby given that the original share certificate and agreement for sale in respect of the said premises have been lost or misplaced and a complaint has been lodged with the police. Any person finding the same or having any claim is requested to contact the undersigned within fifteen days of this notice. Notice is hereby given that my client has agreed to purchase the said flat from the owner and all persons having any claim by way of sale, gift, lease, lien, charge, trust, inheritance, mortgage, possession or otherwise are hereby required to make the same known in writing with documentary proof thereof to the undersigned within fourteen days from the date hereof failing which the transaction shall be completed without reference to such claims and the same shall be deemed to have been waived and or abandoned. You are hereby summoned to appear before this court in person or by a pleader duly instructed and able to answer all material questions relating to the suit. Take notice that in default of your appearance on the day mentioned the suit will be heard and determined in your absence. Given under my hand and the seal of this court this day.
Sd/- AMIT SHYAM CHOUDHARI Advocate High Court 301, 3rd floor, Asha Apartments Place: Mumbai Date: 08.10.2025
PUBLIC NOTICE
NOTICE is hereby given that our client Mr. Ajay Kant who intends to purchase Flat No. 304, with an area of 35.60 Sq. Mtrs, on 3rd floor, Dynasty CHS Ltd., Nagar Dadar, Mumbai 400 014 along with the shares. Any person having any claim should contact the undersigned within 14 days.
Notice is hereby given that the member of the Society holding flat in the building has applied for transfer of shares and interest in the capital property of the society. The Society hereby invites claims and objections from the heirs or other claimants or objectors to the transfer of the said shares and interest of the deceased member in the capital and property of the society within a period of 15 days from the publication of this notice, with copies of such documents and other proofs in support of their claims and objections for transfer of shares and interest in the capital and property of the society. If no claims or objections are received within the period prescribed above, the society shall be free to deal with the shares and interest in such manner as is provided under the bye-laws of the Society. The claims and objections, if any, received by the society for transfer shall be dealt with in the manner provided under the bye-laws. A copy of the registered bye-laws of the society is available for inspection by the claimants or objectors in the office of the society between 11:00 a.m. to 5:00 p.m. from the date of publication of the notice till the date of expiry of its period. In the court of small causes at Mumbai the plaintiff has instituted the above suit against the defendant for recovery of possession of the suit premises together with arrears of rent and mesne profits and other reliefs as prayed in the plaint. You are hereby summoned to appear before this court in person or by a pleader duly instructed and able to answer all material questions relating to the suit. Take notice that in default of your appearance on the day mentioned the suit will be heard and determined in your absence. Given under my hand and the seal of this court this day. Notice is hereby given that my client has agreed to purchase the said flat from the owner and all persons having any claim by way of sale, gift, lease, lien, charge, trust, inheritance, mortgage, possession or otherwise are hereby required to make the same known in writing with documentary proof thereof to the undersigned within fourteen days from the date hereof failing which the transaction shall be completed without reference to such claims and the same shall be deemed to have been waived and or abandoned. Notice is hereby given that the original share certificate and agreement for sale in respect of the said premises have been lost or misplaced and a complaint has been lodged with the police. Any person finding the same or having any claim is requested to contact the undersigned within fifteen days of this notice. Notice is hereby given that my client has agreed to purchase the said flat from the owner and all persons having any claim by way of sale, gift, lease, lien, charge, trust, inheritance, mortgage, possession or otherwise are hereby required to make the same known in writing with documentary proof thereof to the undersigned within fourteen days from the date hereof failing which the transaction shall be completed without reference to such claims and the same shall be deemed to have been waived and or abandoned. You are hereby summoned to appear before this court in person or by a pleader duly instructed and able to answer all material questions relating to the suit. Take notice that in default of your appearance on the day mentioned the suit will be heard and determined in your absence. Given under my hand and the seal of this court this day.
Sd/- SANDEEP K. PAREKH Advocate High Court Shop No. 17 B, Dr. Jamila Moon Place: Mumbai Date: 08.10.2025
PUBLIC NOTICE
This is to inform the general public at large that my client MR. KRISHNA APPAJI KHANDAGALE & others (NAUMA TARUNA KHANDAGALE) are the legal heirs of the said property. Any person having any claim is required to make it known in writing with documentary proof within 15 days.
Notice is hereby given that the member of the Society holding flat in the building has applied for transfer of shares and interest in the capital property of the society. The Society hereby invites claims and objections from the heirs or other claimants or objectors to the transfer of the said shares and interest of the deceased member in the capital and property of the society within a period of 15 days from the publication of this notice, with copies of such documents and other proofs in support of their claims and objections for transfer of shares and interest in the capital and property of the society. If no claims or objections are received within the period prescribed above, the society shall be free to deal with the shares and interest in such manner as is provided under the bye-laws of the Society. The claims and objections, if any, received by the society for transfer shall be dealt with in the manner provided under the bye-laws. A copy of the registered bye-laws of the society is available for inspection by the claimants or objectors in the office of the society between 11:00 a.m. to 5:00 p.m. from the date of publication of the notice till the date of expiry of its period. In the court of small causes at Mumbai the plaintiff has instituted the above suit against the defendant for recovery of possession of the suit premises together with arrears of rent and mesne profits and other reliefs as prayed in the plaint. You are hereby summoned to appear before this court in person or by a pleader duly instructed and able to answer all material questions relating to the suit. Take notice that in default of your appearance on the day mentioned the suit will be heard and determined in your absence. Given under my hand and the seal of this court this day. Notice is hereby given that my client has agreed to purchase the said flat from the owner and all persons having any claim by way of sale, gift, lease, lien, charge, trust, inheritance, mortgage, possession or otherwise are hereby required to make the same known in writing with documentary proof thereof to the undersigned within fourteen days from the date hereof failing which the transaction shall be completed without reference to such claims and the same shall be deemed to have been waived and or abandoned. Notice is hereby given that the original share certificate and agreement for sale in respect of the said premises have been lost or misplaced and a complaint has been lodged with the police. Any person finding the same or having any claim is requested to contact the undersigned within fifteen days of this notice. Notice is hereby given that my client has agreed to purchase the said flat from the owner and all persons having any claim by way of sale, gift, lease, lien, charge, trust, inheritance, mortgage, possession or otherwise are hereby required to make the same known in writing with documentary proof thereof to the undersigned within fourteen days from the date hereof failing which the transaction shall be completed without reference to such claims and the same shall be deemed to have been waived and or abandoned. You are hereby summoned to appear before this court in person or by a pleader duly instructed and able to answer all material questions relating to the suit. Take notice that in default of your appearance on the day mentioned the suit will be heard and determined in your absence. Given under my hand and the seal of this court this day.
Sd/- Harish Wadadkar Advocate High Court Shop no. 7, Bldg no. 15, Sangamvatika Place: Mumbai Date: 08/10/2025
IN THE COURT OF SMALL CAUSES AT MUMBAI
EXECUTION APPLICATION NO.301 OF 2023 IN R.A.E. SUIT NO.573 OF 2023
1. Smt. Chandan Kumar Tamiya ... Plaintiff
Versus
1. Shri. Vilas Bhikaji Jadhav ... Defendant
The Respondent abovenamed, WHEREAS, the Applicant/Decree holder has instituted the above R.A.E. Suit for recovery of possession. You are hereby summoned to appear before this court.
Notice is hereby given that the member of the Society holding flat in the building has applied for transfer of shares and interest in the capital property of the society. The Society hereby invites claims and objections from the heirs or other claimants or objectors to the transfer of the said shares and interest of the deceased member in the capital and property of the society within a period of 15 days from the publication of this notice, with copies of such documents and other proofs in support of their claims and objections for transfer of shares and interest in the capital and property of the society. If no claims or objections are received within the period prescribed above, the society shall be free to deal with the shares and interest in such manner as is provided under the bye-laws of the Society. The claims and objections, if any, received by the society for transfer shall be dealt with in the manner provided under the bye-laws. A copy of the registered bye-laws of the society is available for inspection by the claimants or objectors in the office of the society between 11:00 a.m. to 5:00 p.m. from the date of publication of the notice till the date of expiry of its period. In the court of small causes at Mumbai the plaintiff has instituted the above suit against the defendant for recovery of possession of the suit premises together with arrears of rent and mesne profits and other reliefs as prayed in the plaint. You are hereby summoned to appear before this court in person or by a pleader duly instructed and able to answer all material questions relating to the suit. Take notice that in default of your appearance on the day mentioned the suit will be heard and determined in your absence. Given under my hand and the seal of this court this day. Notice is hereby given that my client has agreed to purchase the said flat from the owner and all persons having any claim by way of sale, gift, lease, lien, charge, trust, inheritance, mortgage, possession or otherwise are hereby required to make the same known in writing with documentary proof thereof to the undersigned within fourteen days from the date hereof failing which the transaction shall be completed without reference to such claims and the same shall be deemed to have been waived and or abandoned. Notice is hereby given that the original share certificate and agreement for sale in respect of the said premises have been lost or misplaced and a complaint has been lodged with the police. Any person finding the same or having any claim is requested to contact the undersigned within fifteen days of this notice. Notice is hereby given that my client has agreed to purchase the said flat from the owner and all persons having any claim by way of sale, gift, lease, lien, charge, trust, inheritance, mortgage, possession or otherwise are hereby required to make the same known in writing with documentary proof thereof to the undersigned within fourteen days from the date hereof failing which the transaction shall be completed without reference to such claims and the same shall be deemed to have been waived and or abandoned. You are hereby summoned to appear before this court in person or by a pleader duly instructed and able to answer all material questions relating to the suit. Take notice that in default of your appearance on the day mentioned the suit will be heard and determined in your absence. Given under my hand and the seal of this court this day.
Sd/- Registrar
